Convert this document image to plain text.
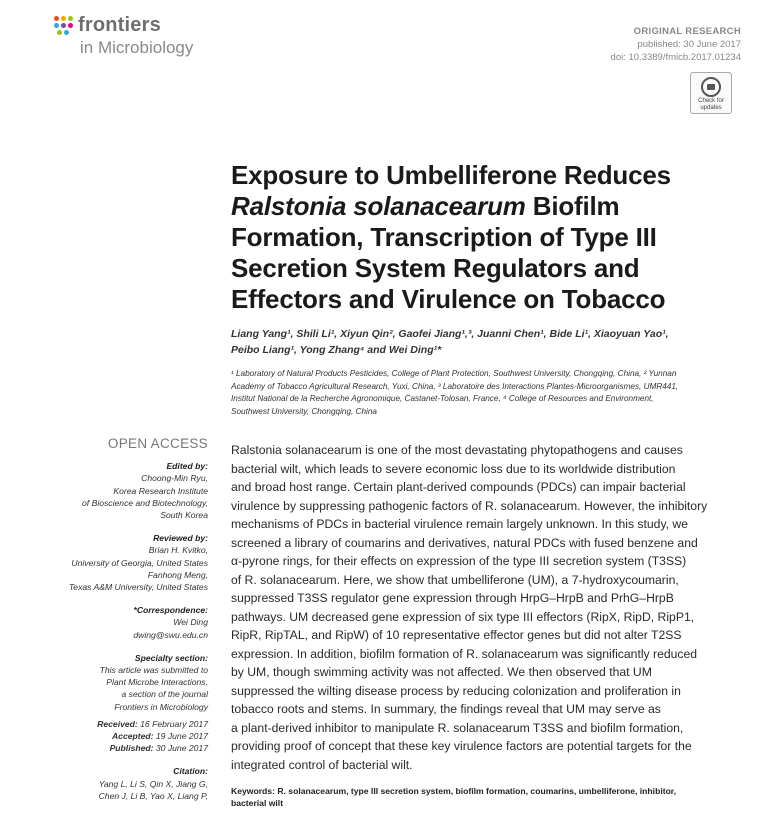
frontiers
in Microbiology
ORIGINAL RESEARCH
published: 30 June 2017
doi: 10.3389/fmicb.2017.01234
Check for
updates
Exposure to Umbelliferone Reduces
Ralstonia solanacearum Biofilm
Formation, Transcription of Type III
Secretion System Regulators and
Effectors and Virulence on Tobacco
Liang Yang¹, Shili Li¹, Xiyun Qin², Gaofei Jiang¹,³, Juanni Chen¹, Bide Li¹, Xiaoyuan Yao¹,
Peibo Liang¹, Yong Zhang⁴ and Wei Ding¹*
¹ Laboratory of Natural Products Pesticides, College of Plant Protection, Southwest University, Chongqing, China, ² Yunnan
Academy of Tobacco Agricultural Research, Yuxi, China, ³ Laboratoire des Interactions Plantes-Microorganismes, UMR441,
Institut National de la Recherche Agronomique, Castanet-Tolosan, France, ⁴ College of Resources and Environment,
Southwest University, Chongqing, China
OPEN ACCESS
Edited by:
Choong-Min Ryu,
Korea Research Institute
of Bioscience and Biotechnology,
South Korea
Reviewed by:
Brian H. Kvitko,
University of Georgia, United States
Fanhong Meng,
Texas A&M University, United States
*Correspondence:
Wei Ding
dwing@swu.edu.cn
Specialty section:
This article was submitted to
Plant Microbe Interactions,
a section of the journal
Frontiers in Microbiology
Received: 16 February 2017
Accepted: 19 June 2017
Published: 30 June 2017
Citation:
Yang L, Li S, Qin X, Jiang G,
Chen J, Li B, Yao X, Liang P,
Ralstonia solanacearum is one of the most devastating phytopathogens and causes
bacterial wilt, which leads to severe economic loss due to its worldwide distribution
and broad host range. Certain plant-derived compounds (PDCs) can impair bacterial
virulence by suppressing pathogenic factors of R. solanacearum. However, the inhibitory
mechanisms of PDCs in bacterial virulence remain largely unknown. In this study, we
screened a library of coumarins and derivatives, natural PDCs with fused benzene and
α-pyrone rings, for their effects on expression of the type III secretion system (T3SS)
of R. solanacearum. Here, we show that umbelliferone (UM), a 7-hydroxycoumarin,
suppressed T3SS regulator gene expression through HrpG–HrpB and PrhG–HrpB
pathways. UM decreased gene expression of six type III effectors (RipX, RipD, RipP1,
RipR, RipTAL, and RipW) of 10 representative effector genes but did not alter T2SS
expression. In addition, biofilm formation of R. solanacearum was significantly reduced
by UM, though swimming activity was not affected. We then observed that UM
suppressed the wilting disease process by reducing colonization and proliferation in
tobacco roots and stems. In summary, the findings reveal that UM may serve as
a plant-derived inhibitor to manipulate R. solanacearum T3SS and biofilm formation,
providing proof of concept that these key virulence factors are potential targets for the
integrated control of bacterial wilt.
Keywords: R. solanacearum, type III secretion system, biofilm formation, coumarins, umbelliferone, inhibitor,
bacterial wilt
